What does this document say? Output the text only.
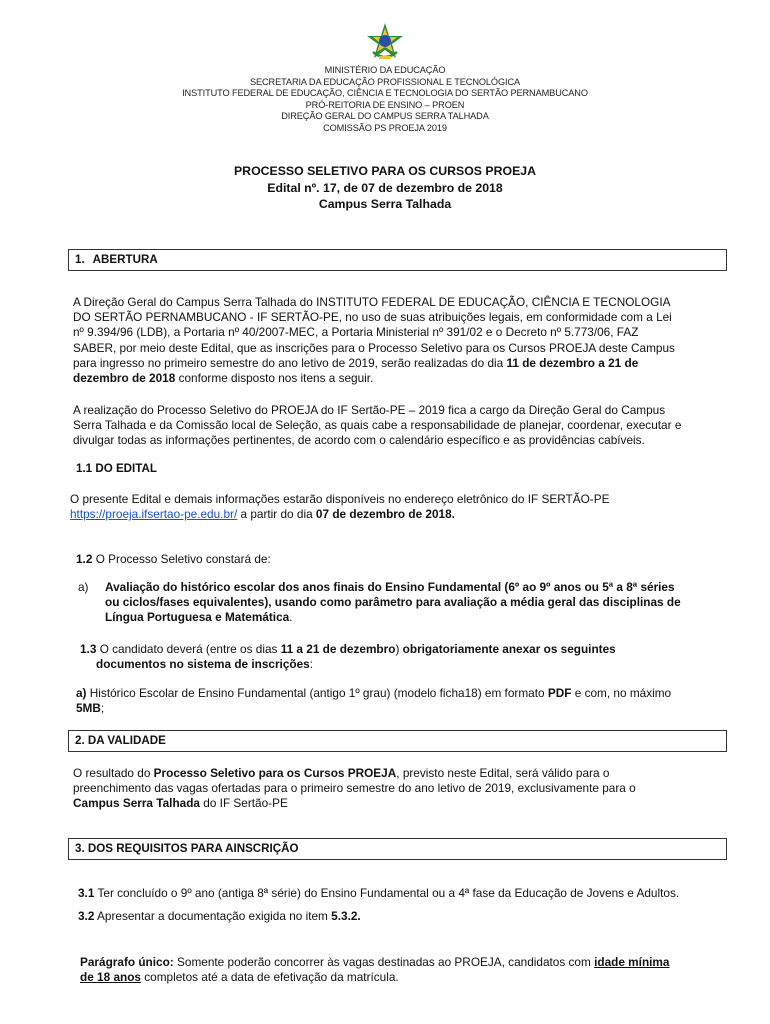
MINISTÉRIO DA EDUCAÇÃO
SECRETARIA DA EDUCAÇÃO PROFISSIONAL E TECNOLÓGICA
INSTITUTO FEDERAL DE EDUCAÇÃO, CIÊNCIA E TECNOLOGIA DO SERTÃO PERNAMBUCANO
PRÓ-REITORIA DE ENSINO – PROEN
DIREÇÃO GERAL DO CAMPUS SERRA TALHADA
COMISSÃO PS PROEJA 2019
PROCESSO SELETIVO PARA OS CURSOS PROEJA
Edital nº. 17, de 07 de dezembro de 2018
Campus Serra Talhada
1. ABERTURA
A Direção Geral do Campus Serra Talhada do INSTITUTO FEDERAL DE EDUCAÇÃO, CIÊNCIA E TECNOLOGIA
DO SERTÃO PERNAMBUCANO - IF SERTÃO-PE, no uso de suas atribuições legais, em conformidade com a Lei
nº 9.394/96 (LDB), a Portaria nº 40/2007-MEC, a Portaria Ministerial nº 391/02 e o Decreto nº 5.773/06, FAZ
SABER, por meio deste Edital, que as inscrições para o Processo Seletivo para os Cursos PROEJA deste Campus
para ingresso no primeiro semestre do ano letivo de 2019, serão realizadas do dia 11 de dezembro a 21 de
dezembro de 2018 conforme disposto nos itens a seguir.
A realização do Processo Seletivo do PROEJA do IF Sertão-PE – 2019 fica a cargo da Direção Geral do Campus
Serra Talhada e da Comissão local de Seleção, as quais cabe a responsabilidade de planejar, coordenar, executar e
divulgar todas as informações pertinentes, de acordo com o calendário específico e as providências cabíveis.
1.1 DO EDITAL
O presente Edital e demais informações estarão disponíveis no endereço eletrônico do IF SERTÃO-PE
https://proeja.ifsertao-pe.edu.br/ a partir do dia 07 de dezembro de 2018.
1.2 O Processo Seletivo constará de:
a) Avaliação do histórico escolar dos anos finais do Ensino Fundamental (6º ao 9º anos ou 5ª a 8ª séries
ou ciclos/fases equivalentes), usando como parâmetro para avaliação a média geral das disciplinas de
Língua Portuguesa e Matemática.
1.3 O candidato deverá (entre os dias 11 a 21 de dezembro) obrigatoriamente anexar os seguintes
documentos no sistema de inscrições:
a) Histórico Escolar de Ensino Fundamental (antigo 1º grau) (modelo ficha18) em formato PDF e com, no máximo
5MB;
2. DA VALIDADE
O resultado do Processo Seletivo para os Cursos PROEJA, previsto neste Edital, será válido para o
preenchimento das vagas ofertadas para o primeiro semestre do ano letivo de 2019, exclusivamente para o
Campus Serra Talhada do IF Sertão-PE
3. DOS REQUISITOS PARA AINSCRIÇÃO
3.1 Ter concluído o 9º ano (antiga 8ª série) do Ensino Fundamental ou a 4ª fase da Educação de Jovens e Adultos.
3.2 Apresentar a documentação exigida no item 5.3.2.
Parágrafo único: Somente poderão concorrer às vagas destinadas ao PROEJA, candidatos com idade mínima
de 18 anos completos até a data de efetivação da matrícula.
